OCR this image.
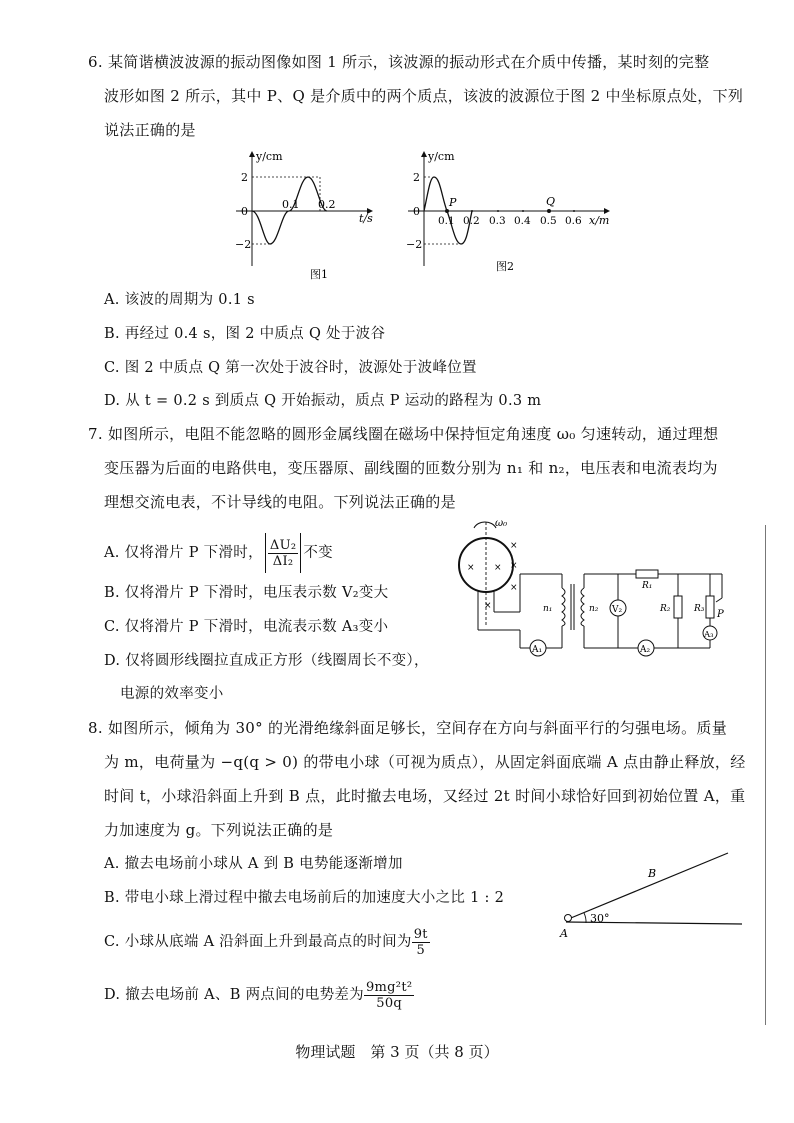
6. 某简谐横波波源的振动图像如图 1 所示，该波源的振动形式在介质中传播，某时刻的完整
波形如图 2 所示，其中 P、Q 是介质中的两个质点，该波的波源位于图 2 中坐标原点处，下列
说法正确的是
y/cm
2
0
−2
0.1 0.2
t/s
图1
y/cm
2
0
−2
P	Q
0.1 0.2 0.3 0.4 0.5 0.6 x/m
图2
A. 该波的周期为 0.1 s
B. 再经过 0.4 s，图 2 中质点 Q 处于波谷
C. 图 2 中质点 Q 第一次处于波谷时，波源处于波峰位置
D. 从 t = 0.2 s 到质点 Q 开始振动，质点 P 运动的路程为 0.3 m
7. 如图所示，电阻不能忽略的圆形金属线圈在磁场中保持恒定角速度 ω₀ 匀速转动，通过理想
变压器为后面的电路供电，变压器原、副线圈的匝数分别为 n₁ 和 n₂，电压表和电流表均为
理想交流电表，不计导线的电阻。下列说法正确的是
A. 仅将滑片 P 下滑时， $\frac{\text{ΔU₂}}{\text{ΔI₂}}$ 不变
B. 仅将滑片 P 下滑时，电压表示数 V₂变大
C. 仅将滑片 P 下滑时，电流表示数 A₃变小
D. 仅将圆形线圈拉直成正方形（线圈周长不变），
电源的效率变小
ω₀
× ×
×
×
×
×
A₁
n₁	n₂ V₂
R₁
R₂
A₂
R₃ P
A₃
8. 如图所示，倾角为 30° 的光滑绝缘斜面足够长，空间存在方向与斜面平行的匀强电场。质量
为 m，电荷量为 −q(q > 0) 的带电小球（可视为质点），从固定斜面底端 A 点由静止释放，经
时间 t，小球沿斜面上升到 B 点，此时撤去电场，又经过 2t 时间小球恰好回到初始位置 A，重
力加速度为 g。下列说法正确的是
A. 撤去电场前小球从 A 到 B 电势能逐渐增加
B. 带电小球上滑过程中撤去电场前后的加速度大小之比 1 : 2
C. 小球从底端 A 沿斜面上升到最高点的时间为 $\frac{9t}{5}$
D. 撤去电场前 A、B 两点间的电势差为 $\frac{\text{9mg²t²}}{50q}$
30°
A
B
物理试题　第 3 页（共 8 页）
